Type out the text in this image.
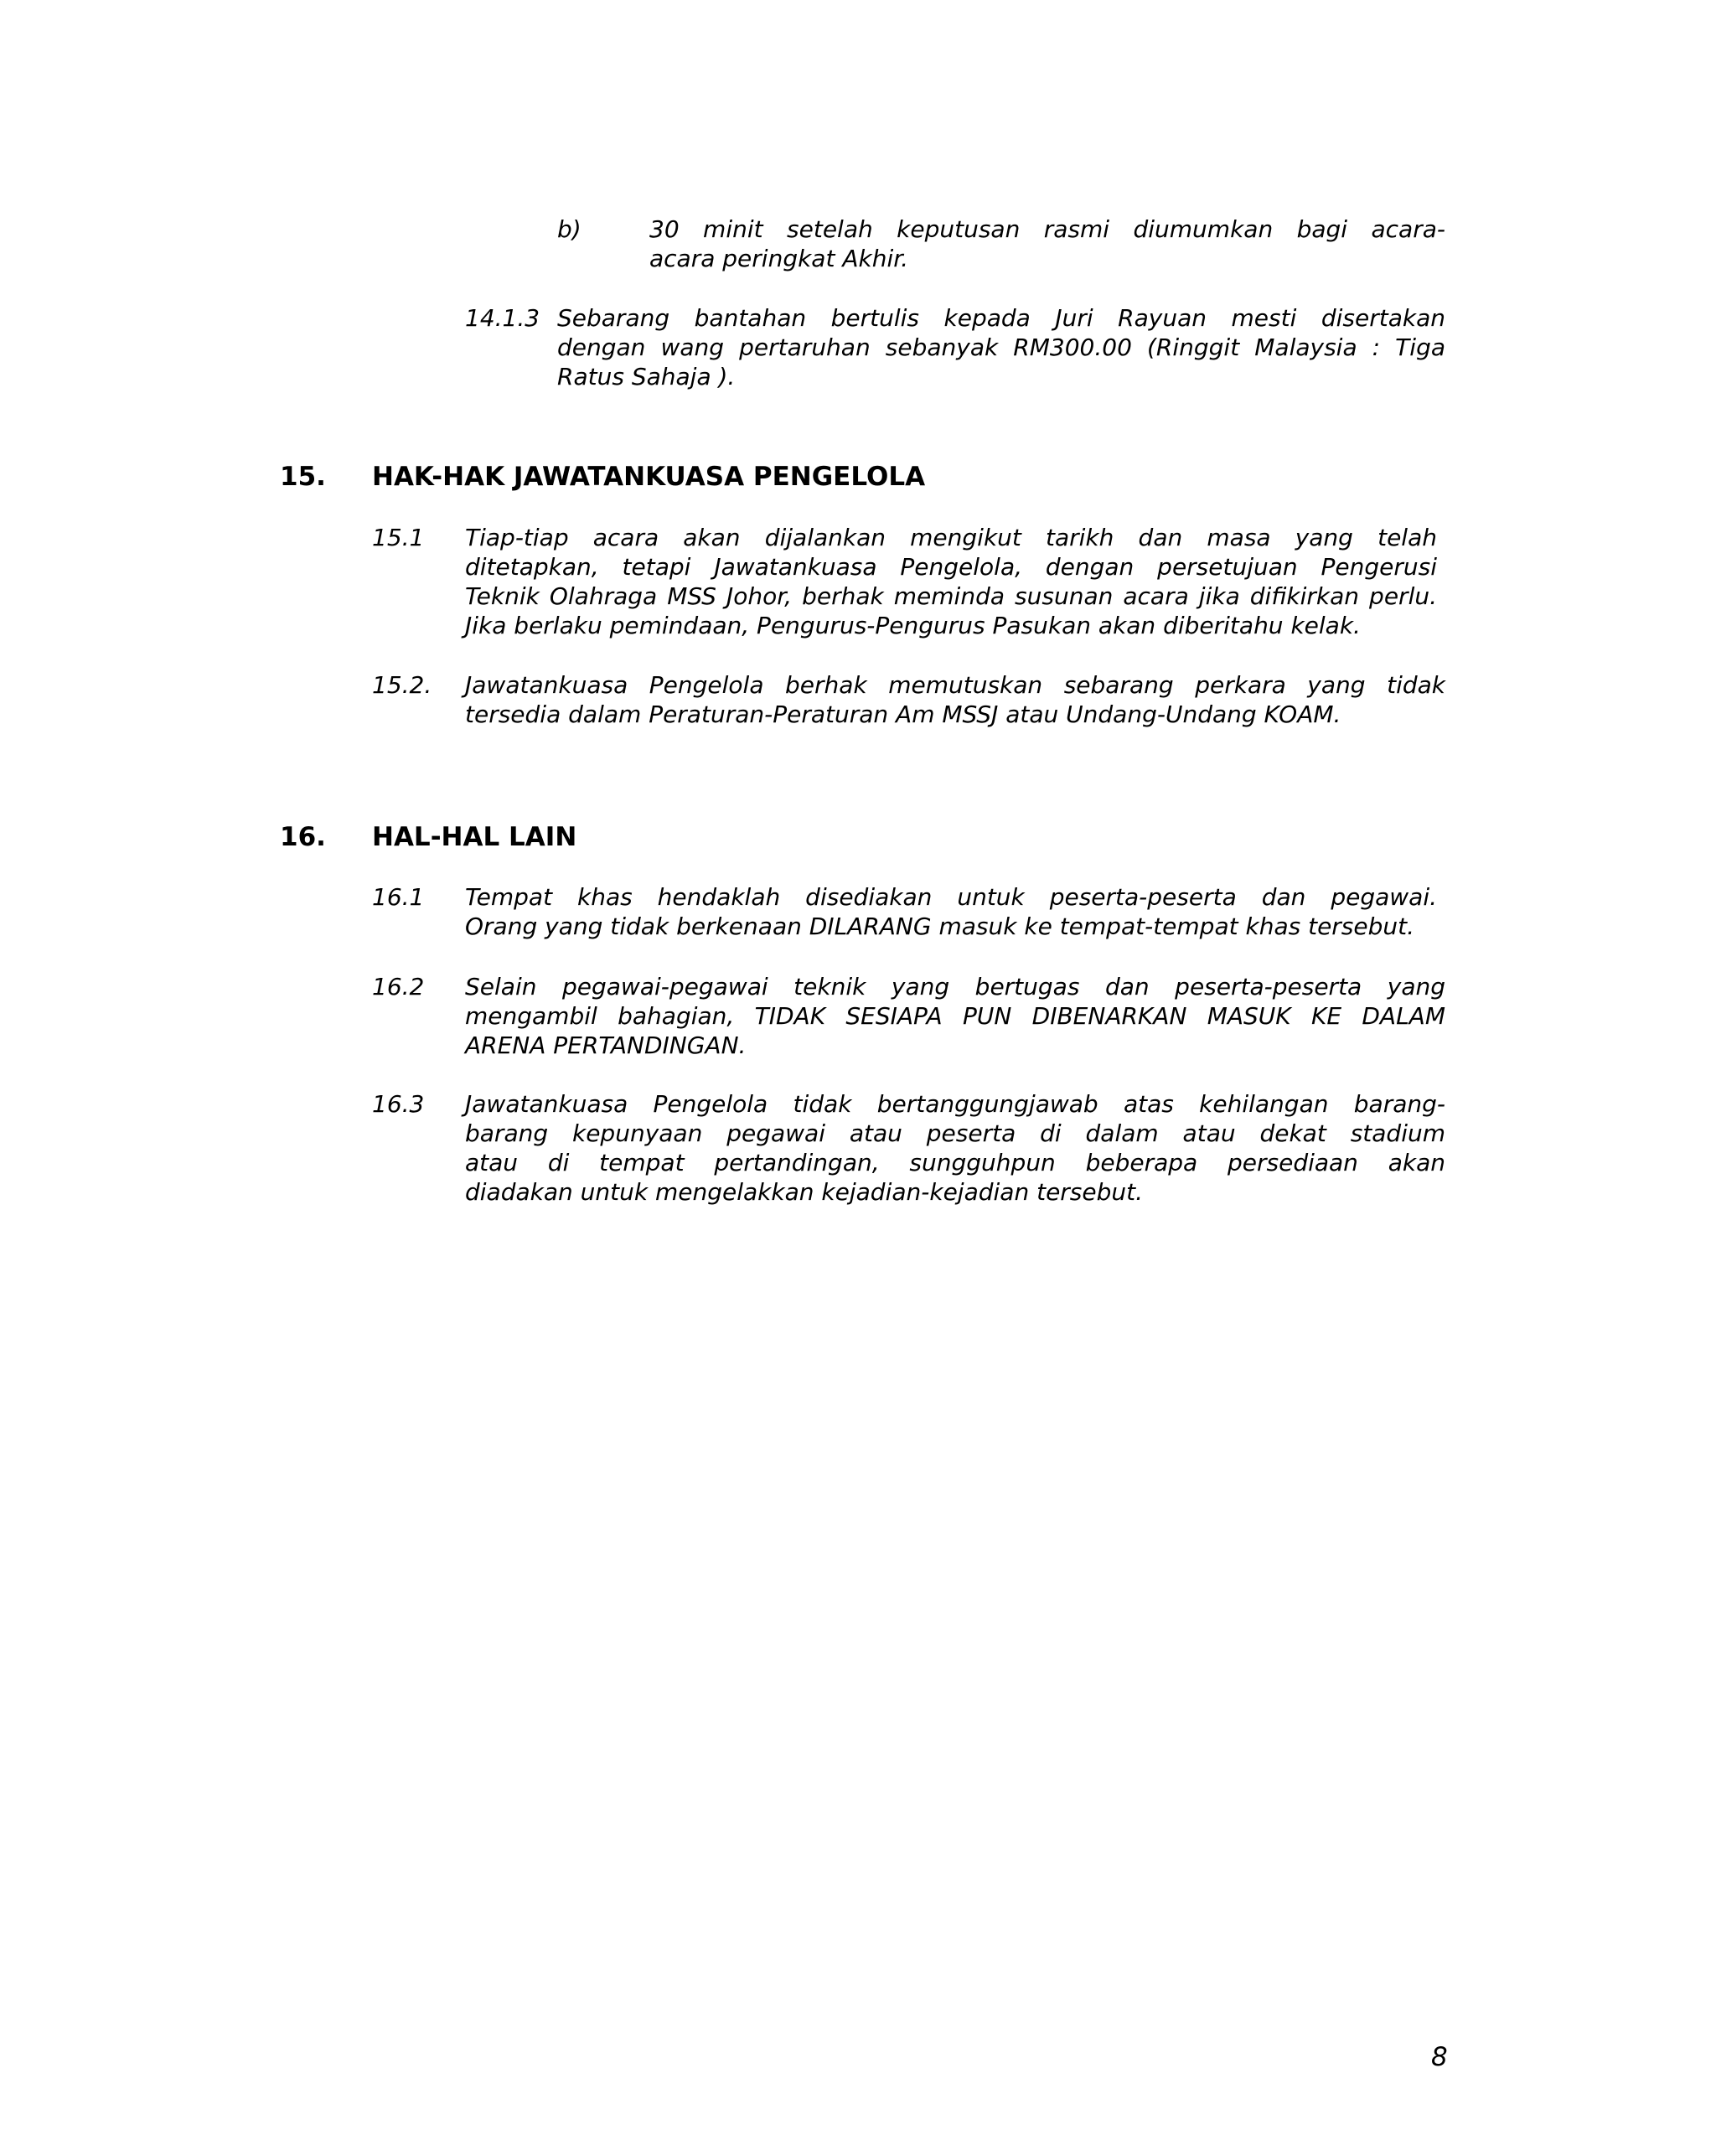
b)	30 minit setelah keputusan rasmi diumumkan bagi acara-
acara peringkat Akhir.
14.1.3 Sebarang bantahan bertulis kepada Juri Rayuan mesti disertakan
dengan wang pertaruhan sebanyak RM300.00 (Ringgit Malaysia : Tiga
Ratus Sahaja ).
15. HAK-HAK JAWATANKUASA PENGELOLA
15.1	Tiap-tiap acara akan dijalankan mengikut tarikh dan masa yang telah
ditetapkan, tetapi Jawatankuasa Pengelola, dengan persetujuan Pengerusi
Teknik Olahraga MSS Johor, berhak meminda susunan acara jika difikirkan perlu.
Jika berlaku pemindaan, Pengurus-Pengurus Pasukan akan diberitahu kelak.
15.2.	Jawatankuasa Pengelola berhak memutuskan sebarang perkara yang tidak
tersedia dalam Peraturan-Peraturan Am MSSJ atau Undang-Undang KOAM.
16. HAL-HAL LAIN
16.1	Tempat khas hendaklah disediakan untuk peserta-peserta dan pegawai.
Orang yang tidak berkenaan DILARANG masuk ke tempat-tempat khas tersebut.
16.2	Selain pegawai-pegawai teknik yang bertugas dan peserta-peserta yang
mengambil bahagian, TIDAK SESIAPA PUN DIBENARKAN MASUK KE DALAM
ARENA PERTANDINGAN.
16.3	Jawatankuasa Pengelola tidak bertanggungjawab atas kehilangan barang-
barang kepunyaan pegawai atau peserta di dalam atau dekat stadium
atau di tempat pertandingan, sungguhpun beberapa persediaan akan
diadakan untuk mengelakkan kejadian-kejadian tersebut.
8
